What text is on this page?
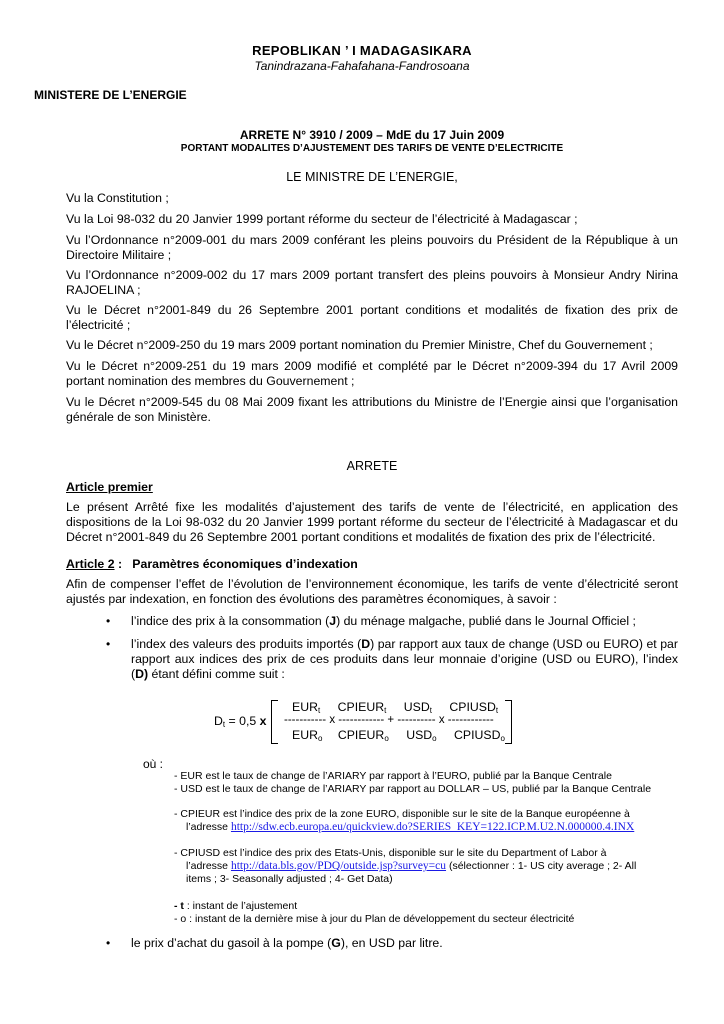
REPOBLIKAN ’ I MADAGASIKARA
Tanindrazana-Fahafahana-Fandrosoana
MINISTERE DE L’ENERGIE
ARRETE N° 3910 / 2009 – MdE du 17 Juin 2009
PORTANT MODALITES D’AJUSTEMENT DES TARIFS DE VENTE D’ELECTRICITE
LE MINISTRE DE L’ENERGIE,
Vu la Constitution ;
Vu la Loi 98-032 du 20 Janvier 1999 portant réforme du secteur de l’électricité à Madagascar ;
Vu l’Ordonnance n°2009-001 du mars 2009 conférant les pleins pouvoirs du Président de la République à un Directoire Militaire ;
Vu l’Ordonnance n°2009-002 du 17 mars 2009 portant transfert des pleins pouvoirs à Monsieur Andry Nirina RAJOELINA ;
Vu le Décret n°2001-849 du 26 Septembre 2001 portant conditions et modalités de fixation des prix de l’électricité ;
Vu le Décret n°2009-250 du 19 mars 2009 portant nomination du Premier Ministre, Chef du Gouvernement ;
Vu le Décret n°2009-251 du 19 mars 2009 modifié et complété par le Décret n°2009-394 du 17 Avril 2009 portant nomination des membres du Gouvernement ;
Vu le Décret n°2009-545 du 08 Mai 2009 fixant les attributions du Ministre de l’Energie ainsi que l’organisation générale de son Ministère.
ARRETE
Article premier
Le présent Arrêté fixe les modalités d’ajustement des tarifs de vente de l’électricité, en application des dispositions de la Loi 98-032 du 20 Janvier 1999 portant réforme du secteur de l’électricité à Madagascar et du Décret n°2001-849 du 26 Septembre 2001 portant conditions et modalités de fixation des prix de l’électricité.
Article 2 : Paramètres économiques d’indexation
Afin de compenser l’effet de l’évolution de l’environnement économique, les tarifs de vente d’électricité seront ajustés par indexation, en fonction des évolutions des paramètres économiques, à savoir :
• l’indice des prix à la consommation (J) du ménage malgache, publié dans le Journal Officiel ;
• l’index des valeurs des produits importés (D) par rapport aux taux de change (USD ou EURO) et par rapport aux indices des prix de ces produits dans leur monnaie d’origine (USD ou EURO), l’index (D) étant défini comme suit :
$D_t = 0,5$ x
$EUR_t$ $CPIEUR_t$ $USD_t$ $CPIUSD_t$
----------- x ------------ + ---------- x ------------
$EUR_o$ $CPIEUR_o$ $USD_o$ $CPIUSD_o$
où :
- EUR est le taux de change de l’ARIARY par rapport à l’EURO, publié par la Banque Centrale
- USD est le taux de change de l’ARIARY par rapport au DOLLAR – US, publié par la Banque Centrale
- CPIEUR est l’indice des prix de la zone EURO, disponible sur le site de la Banque européenne à
l’adresse http://sdw.ecb.europa.eu/quickview.do?SERIES_KEY=122.ICP.M.U2.N.000000.4.INX
- CPIUSD est l’indice des prix des Etats-Unis, disponible sur le site du Department of Labor à
l’adresse http://data.bls.gov/PDQ/outside.jsp?survey=cu (sélectionner : 1- US city average ; 2- All
items ; 3- Seasonally adjusted ; 4- Get Data)
- t : instant de l’ajustement
- o : instant de la dernière mise à jour du Plan de développement du secteur électricité
• le prix d’achat du gasoil à la pompe (G), en USD par litre.
